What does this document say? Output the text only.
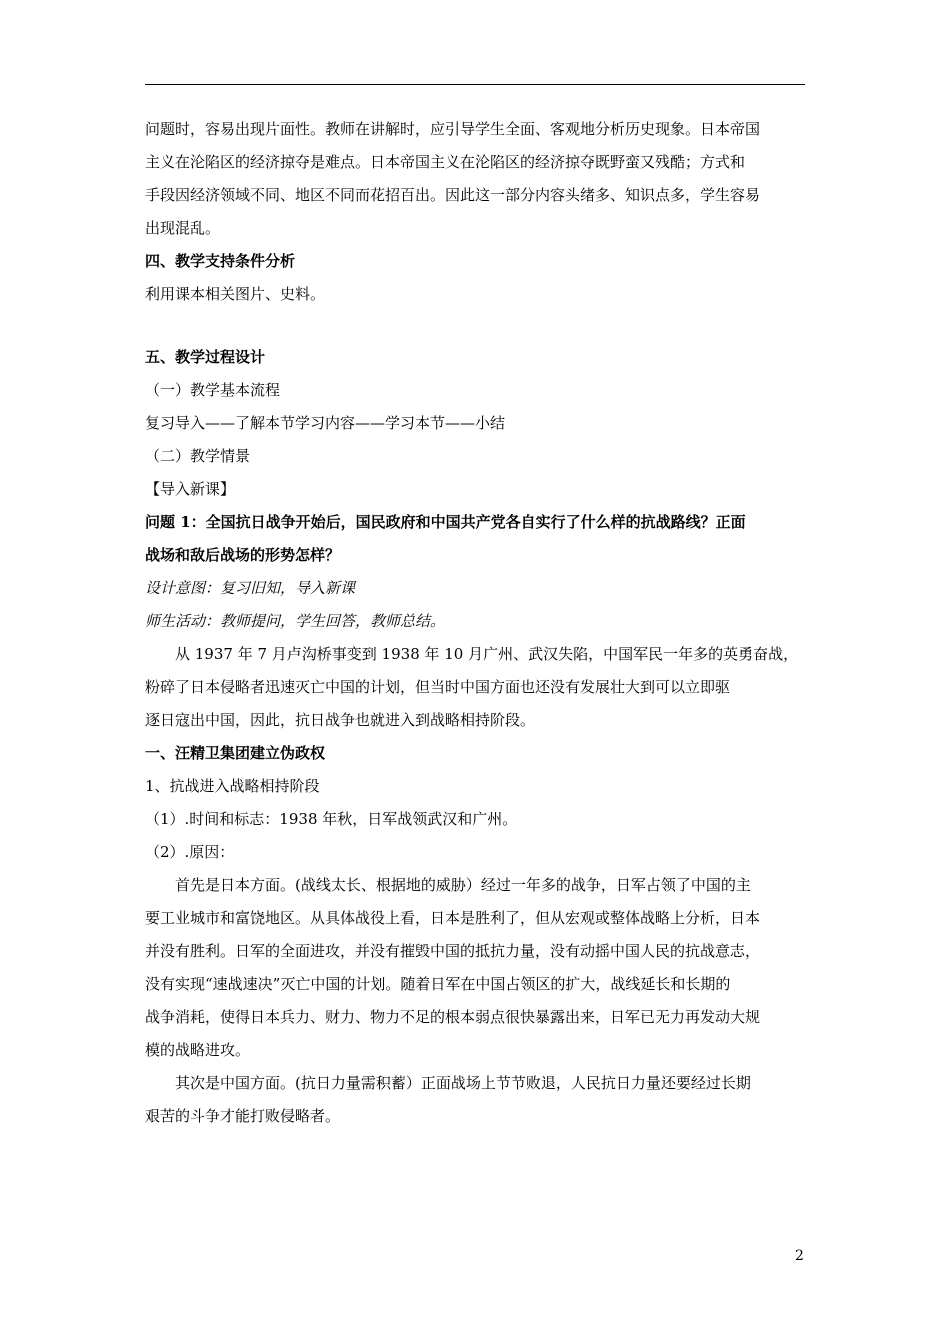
问题时，容易出现片面性。教师在讲解时，应引导学生全面、客观地分析历史现象。日本帝国
主义在沦陷区的经济掠夺是难点。日本帝国主义在沦陷区的经济掠夺既野蛮又残酷；方式和
手段因经济领域不同、地区不同而花招百出。因此这一部分内容头绪多、知识点多，学生容易
出现混乱。
四、教学支持条件分析
利用课本相关图片、史料。
五、教学过程设计
（一）教学基本流程
复习导入——了解本节学习内容——学习本节——小结
（二）教学情景
【导入新课】
问题 1：全国抗日战争开始后，国民政府和中国共产党各自实行了什么样的抗战路线？正面
战场和敌后战场的形势怎样？
设计意图：复习旧知，导入新课
师生活动：教师提问，学生回答，教师总结。
从 1937 年 7 月卢沟桥事变到 1938 年 10 月广州、武汉失陷，中国军民一年多的英勇奋战，
粉碎了日本侵略者迅速灭亡中国的计划，但当时中国方面也还没有发展壮大到可以立即驱
逐日寇出中国，因此，抗日战争也就进入到战略相持阶段。
一、汪精卫集团建立伪政权
1、抗战进入战略相持阶段
（1）.时间和标志：1938 年秋，日军战领武汉和广州。
（2）.原因：
首先是日本方面。(战线太长、根据地的威胁）经过一年多的战争，日军占领了中国的主
要工业城市和富饶地区。从具体战役上看，日本是胜利了，但从宏观或整体战略上分析，日本
并没有胜利。日军的全面进攻，并没有摧毁中国的抵抗力量，没有动摇中国人民的抗战意志，
没有实现“速战速决”灭亡中国的计划。随着日军在中国占领区的扩大，战线延长和长期的
战争消耗，使得日本兵力、财力、物力不足的根本弱点很快暴露出来，日军已无力再发动大规
模的战略进攻。
其次是中国方面。(抗日力量需积蓄）正面战场上节节败退，人民抗日力量还要经过长期
艰苦的斗争才能打败侵略者。
2
